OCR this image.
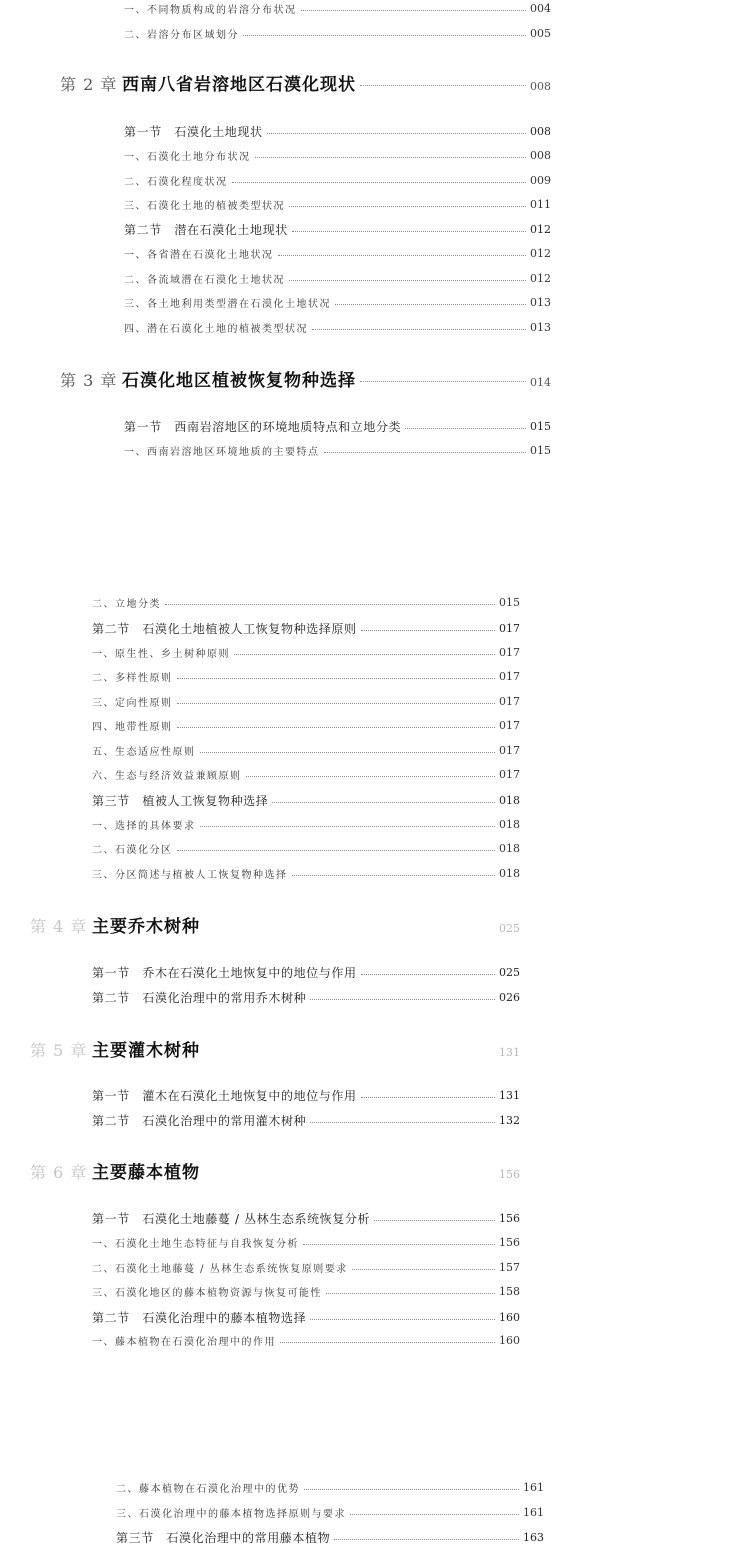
一、不同物质构成的岩溶分布状况	004
二、岩溶分布区域划分	005
第 2 章 西南八省岩溶地区石漠化现状	008
第一节　石漠化土地现状	008
一、石漠化土地分布状况	008
二、石漠化程度状况	009
三、石漠化土地的植被类型状况	011
第二节　潜在石漠化土地现状	012
一、各省潜在石漠化土地状况	012
二、各流域潜在石漠化土地状况	012
三、各土地利用类型潜在石漠化土地状况	013
四、潜在石漠化土地的植被类型状况	013
第 3 章 石漠化地区植被恢复物种选择	014
第一节　西南岩溶地区的环境地质特点和立地分类	015
一、西南岩溶地区环境地质的主要特点	015
二、立地分类	015
第二节　石漠化土地植被人工恢复物种选择原则	017
一、原生性、乡土树种原则	017
二、多样性原则	017
三、定向性原则	017
四、地带性原则	017
五、生态适应性原则	017
六、生态与经济效益兼顾原则	017
第三节　植被人工恢复物种选择	018
一、选择的具体要求	018
二、石漠化分区	018
三、分区简述与植被人工恢复物种选择	018
第 4 章 主要乔木树种	025
第一节　乔木在石漠化土地恢复中的地位与作用	025
第二节　石漠化治理中的常用乔木树种	026
第 5 章 主要灌木树种	131
第一节　灌木在石漠化土地恢复中的地位与作用	131
第二节　石漠化治理中的常用灌木树种	132
第 6 章 主要藤本植物	156
第一节　石漠化土地藤蔓 / 丛林生态系统恢复分析	156
一、石漠化土地生态特征与自我恢复分析	156
二、石漠化土地藤蔓 / 丛林生态系统恢复原则要求	157
三、石漠化地区的藤本植物资源与恢复可能性	158
第二节　石漠化治理中的藤本植物选择	160
一、藤本植物在石漠化治理中的作用	160
二、藤本植物在石漠化治理中的优势	161
三、石漠化治理中的藤本植物选择原则与要求	161
第三节　石漠化治理中的常用藤本植物	163
